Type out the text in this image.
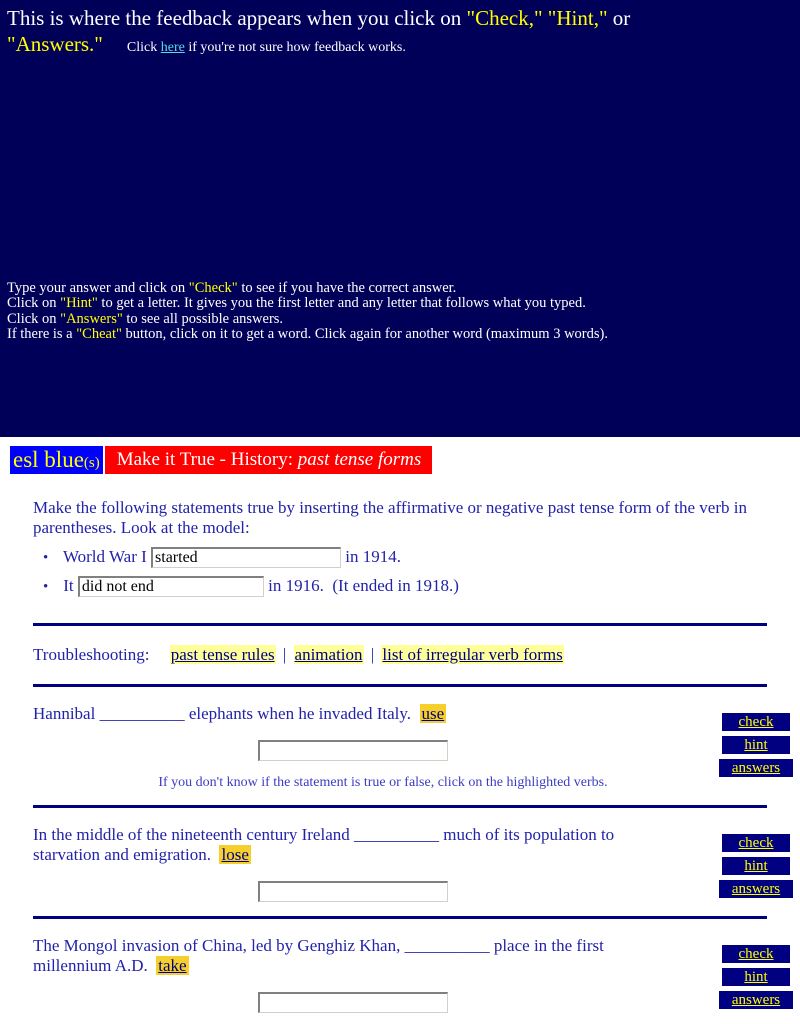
This is where the feedback appears when you click on "Check," "Hint," or
"Answers." Click here if you're not sure how feedback works.
Type your answer and click on "Check" to see if you have the correct answer.
Click on "Hint" to get a letter. It gives you the first letter and any letter that follows what you typed.
Click on "Answers" to see all possible answers.
If there is a "Cheat" button, click on it to get a word. Click again for another word (maximum 3 words).
esl blue(s) Make it True - History: past tense forms
Make the following statements true by inserting the affirmative or negative past tense form of the verb in parentheses. Look at the model:
• World War I started	in 1914.
• It did not end	in 1916. (It ended in 1918.)
Troubleshooting: past tense rules | animation | list of irregular verb forms
Hannibal __________ elephants when he invaded Italy. use
If you don't know if the statement is true or false, click on the highlighted verbs.
check
hint
answers
In the middle of the nineteenth century Ireland __________ much of its population to starvation and emigration. lose
check
hint
answers
The Mongol invasion of China, led by Genghiz Khan, __________ place in the first millennium A.D. take
check
hint
answers
